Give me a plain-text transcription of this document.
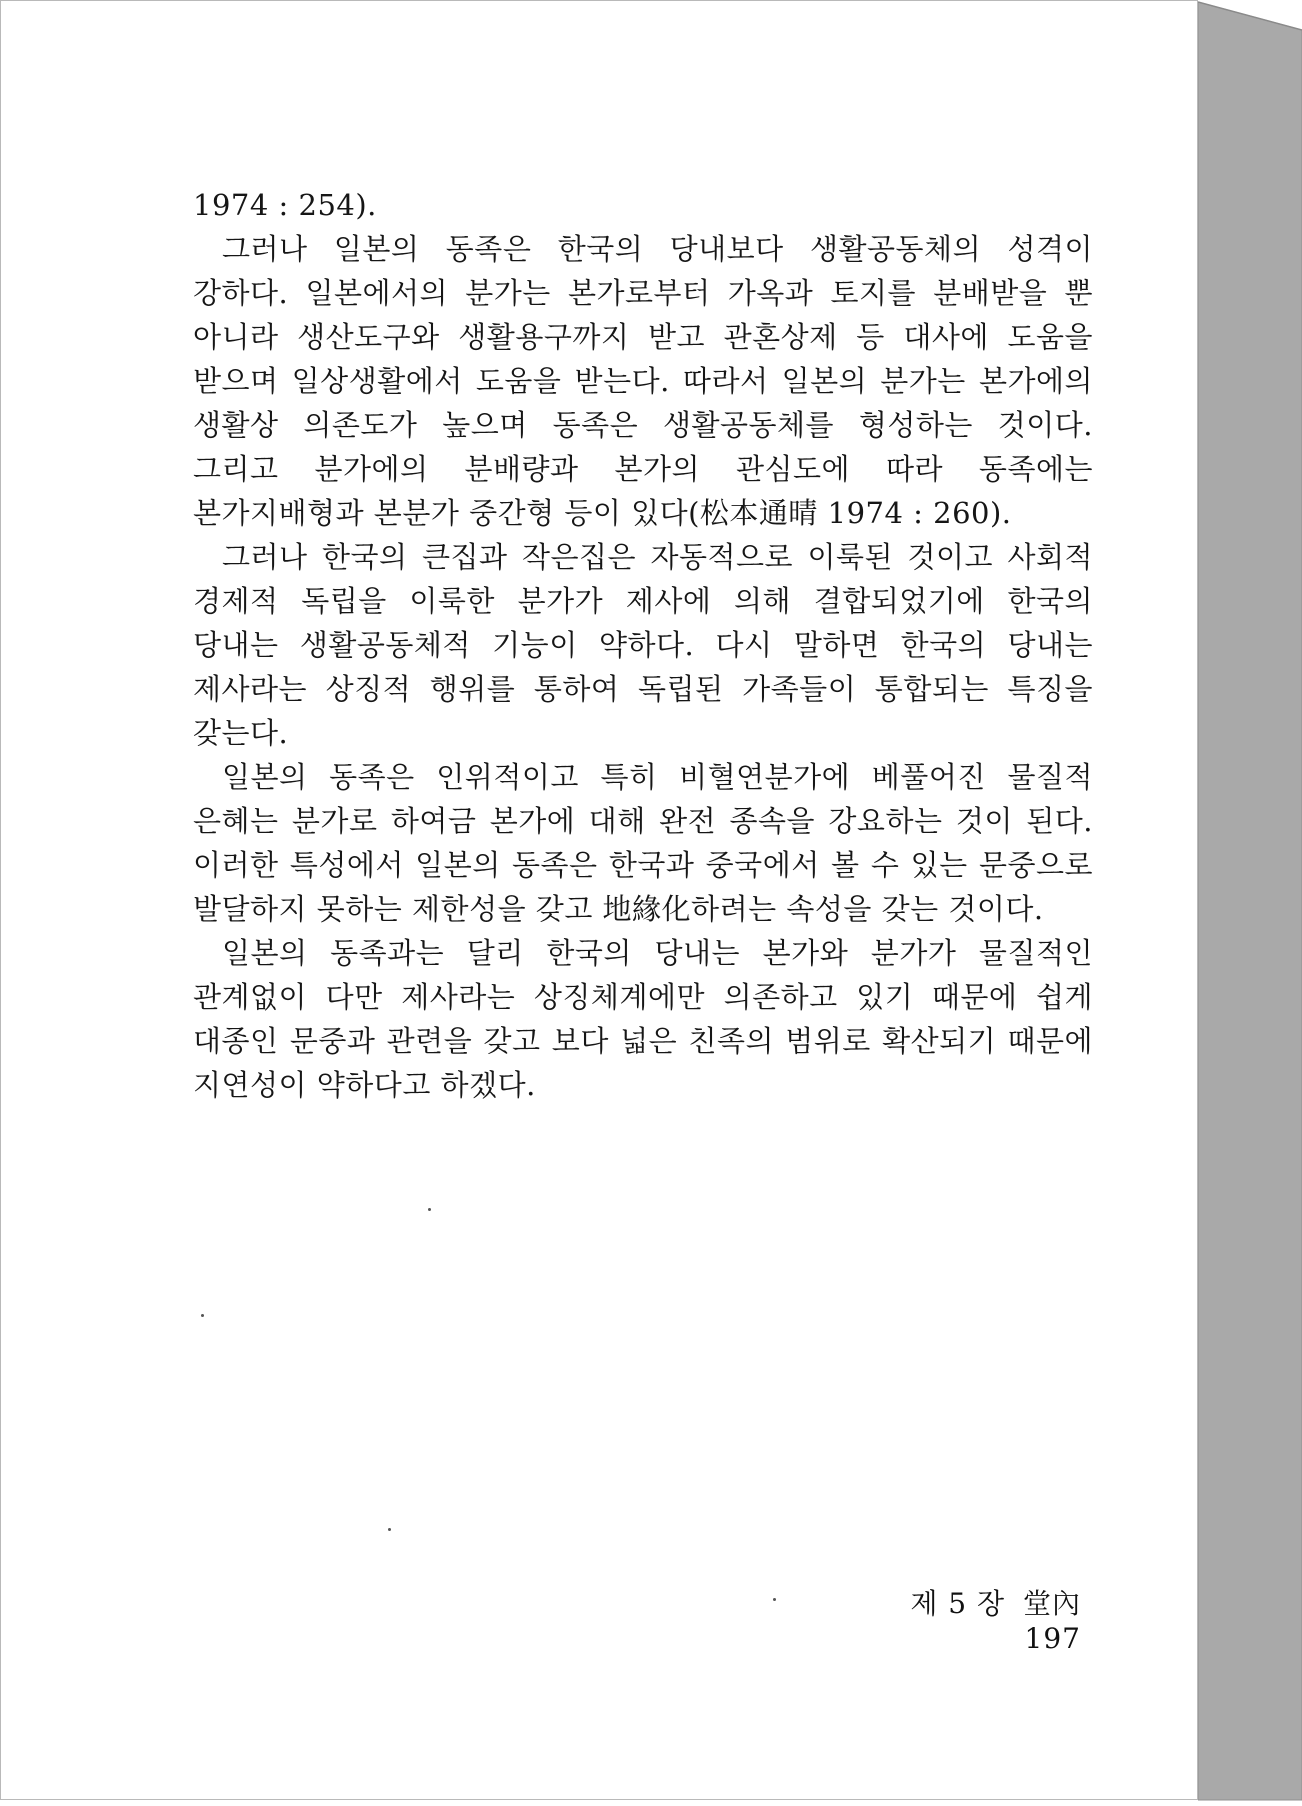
1974 : 254).

그러나 일본의 동족은 한국의 당내보다 생활공동체의 성격이 강하다. 일본에서의 분가는 본가로부터 가옥과 토지를 분배받을 뿐 아니라 생산도구와 생활용구까지 받고 관혼상제 등 대사에 도움을 받으며 일상생활에서 도움을 받는다. 따라서 일본의 분가는 본가에의 생활상 의존도가 높으며 동족은 생활공동체를 형성하는 것이다. 그리고 분가에의 분배량과 본가의 관심도에 따라 동족에는 본가지배형과 본분가 중간형 등이 있다(松本通晴 1974 : 260).

그러나 한국의 큰집과 작은집은 자동적으로 이룩된 것이고 사회적 경제적 독립을 이룩한 분가가 제사에 의해 결합되었기에 한국의 당내는 생활공동체적 기능이 약하다. 다시 말하면 한국의 당내는 제사라는 상징적 행위를 통하여 독립된 가족들이 통합되는 특징을 갖는다.

일본의 동족은 인위적이고 특히 비혈연분가에 베풀어진 물질적 은혜는 분가로 하여금 본가에 대해 완전 종속을 강요하는 것이 된다. 이러한 특성에서 일본의 동족은 한국과 중국에서 볼 수 있는 문중으로 발달하지 못하는 제한성을 갖고 地緣化하려는 속성을 갖는 것이다.

일본의 동족과는 달리 한국의 당내는 본가와 분가가 물질적인 관계없이 다만 제사라는 상징체계에만 의존하고 있기 때문에 쉽게 대종인 문중과 관련을 갖고 보다 넓은 친족의 범위로 확산되기 때문에 지연성이 약하다고 하겠다.

제 5 장 堂內 197
